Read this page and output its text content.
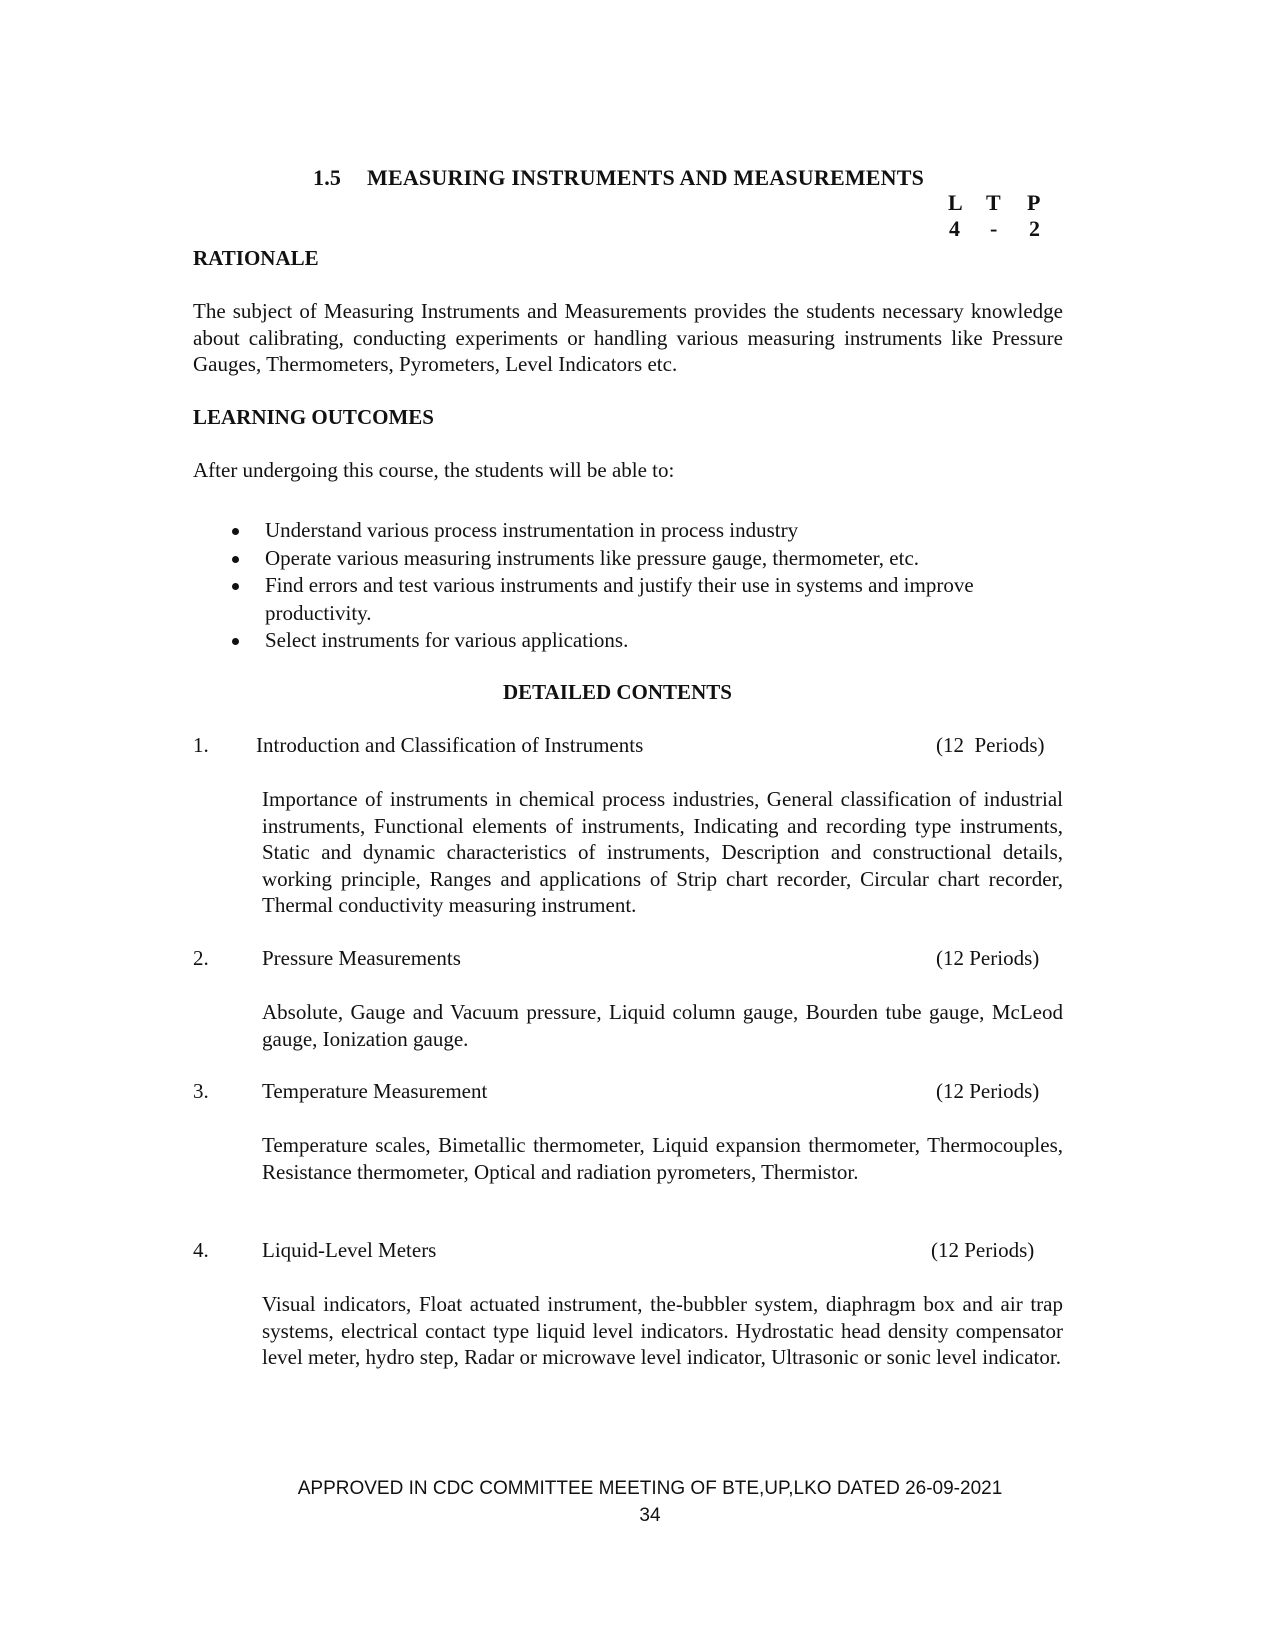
1.5 MEASURING INSTRUMENTS AND MEASUREMENTS
L T P
4 - 2
RATIONALE
The subject of Measuring Instruments and Measurements provides the students necessary knowledge about calibrating, conducting experiments or handling various measuring instruments like Pressure Gauges, Thermometers, Pyrometers, Level Indicators etc.
LEARNING OUTCOMES
After undergoing this course, the students will be able to:
Understand various process instrumentation in process industry
Operate various measuring instruments like pressure gauge, thermometer, etc.
Find errors and test various instruments and justify their use in systems and improve productivity.
Select instruments for various applications.
DETAILED CONTENTS
1. Introduction and Classification of Instruments	(12  Periods)
Importance of instruments in chemical process industries, General classification of industrial instruments, Functional elements of instruments, Indicating and recording type instruments, Static and dynamic characteristics of instruments, Description and constructional details, working principle, Ranges and applications of Strip chart recorder, Circular chart recorder, Thermal conductivity measuring instrument.
2.	Pressure Measurements	(12 Periods)
Absolute, Gauge and Vacuum pressure, Liquid column gauge, Bourden tube gauge, McLeod gauge, Ionization gauge.
3.	Temperature Measurement	(12 Periods)
Temperature scales, Bimetallic thermometer, Liquid expansion thermometer, Thermocouples, Resistance thermometer, Optical and radiation pyrometers, Thermistor.
4.	Liquid-Level Meters	(12 Periods)
Visual indicators, Float actuated instrument, the-bubbler system, diaphragm box and air trap systems, electrical contact type liquid level indicators. Hydrostatic head density compensator level meter, hydro step, Radar or microwave level indicator, Ultrasonic or sonic level indicator.
APPROVED IN CDC COMMITTEE MEETING OF BTE,UP,LKO DATED 26-09-2021
34
